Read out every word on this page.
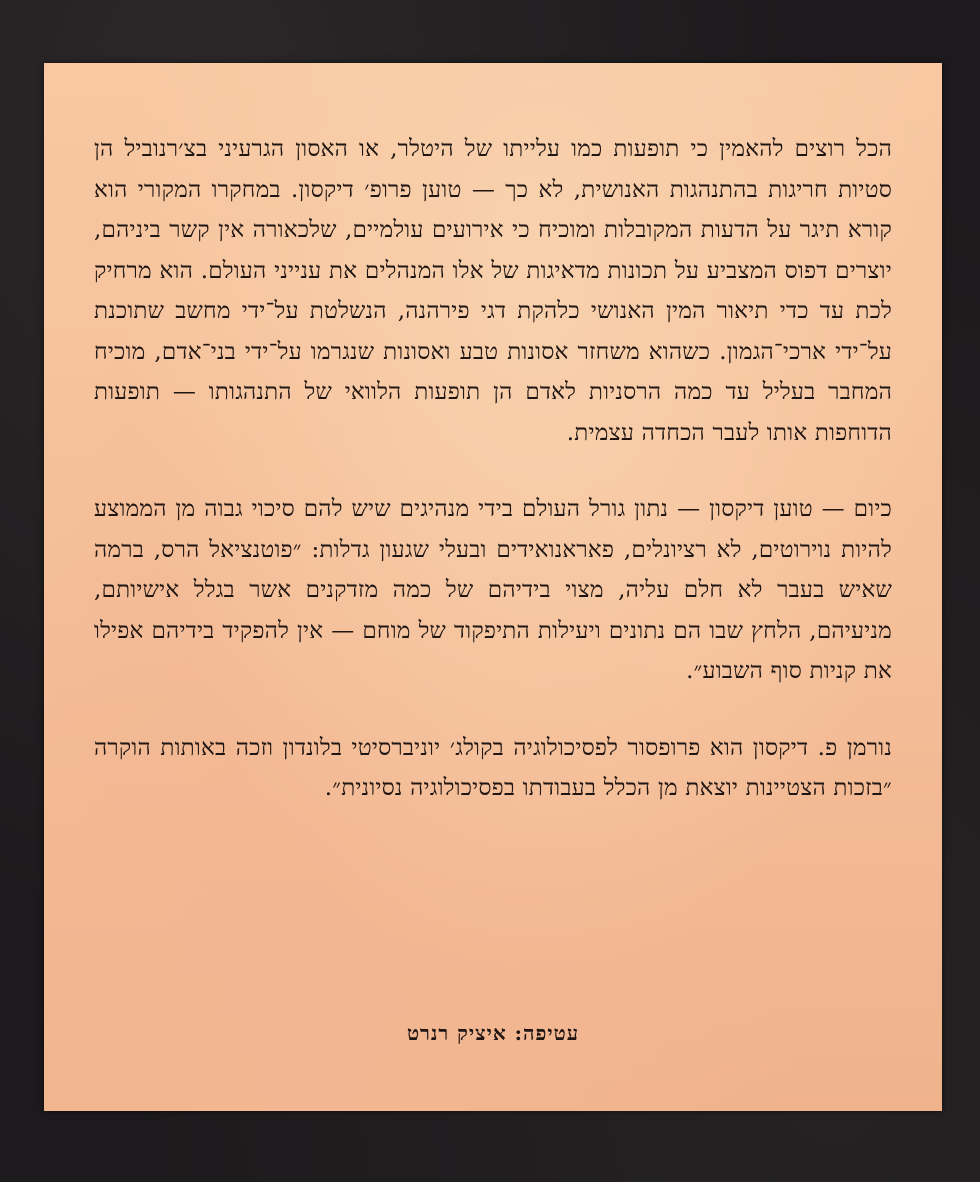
הכל רוצים להאמין כי תופעות כמו עלייתו של היטלר, או האסון הגרעיני בצ׳רנוביל הן סטיות חריגות בהתנהגות האנושית, לא כך — טוען פרופ׳ דיקסון. במחקרו המקורי הוא קורא תיגר על הדעות המקובלות ומוכיח כי אירועים עולמיים, שלכאורה אין קשר ביניהם, יוצרים דפוס המצביע על תכונות מדאיגות של אלו המנהלים את ענייני העולם. הוא מרחיק לכת עד כדי תיאור המין האנושי כלהקת דגי פירהנה, הנשלטת על־ידי מחשב שתוכנת על־ידי ארכי־הגמון. כשהוא משחזר אסונות טבע ואסונות שנגרמו על־ידי בני־אדם, מוכיח המחבר בעליל עד כמה הרסניות לאדם הן תופעות הלוואי של התנהגותו — תופעות הדוחפות אותו לעבר הכחדה עצמית.

כיום — טוען דיקסון — נתון גורל העולם בידי מנהיגים שיש להם סיכוי גבוה מן הממוצע להיות נוירוטים, לא רציונלים, פאראנואידים ובעלי שגעון גדלות: ״פוטנציאל הרס, ברמה שאיש בעבר לא חלם עליה, מצוי בידיהם של כמה מזדקנים אשר בגלל אישיותם, מניעיהם, הלחץ שבו הם נתונים ויעילות התיפקוד של מוחם — אין להפקיד בידיהם אפילו את קניות סוף השבוע״.

נורמן פ. דיקסון הוא פרופסור לפסיכולוגיה בקולג׳ יוניברסיטי בלונדון וזכה באותות הוקרה ״בזכות הצטיינות יוצאת מן הכלל בעבודתו בפסיכולוגיה נסיונית״.

עטיפה: איציק רנרט
